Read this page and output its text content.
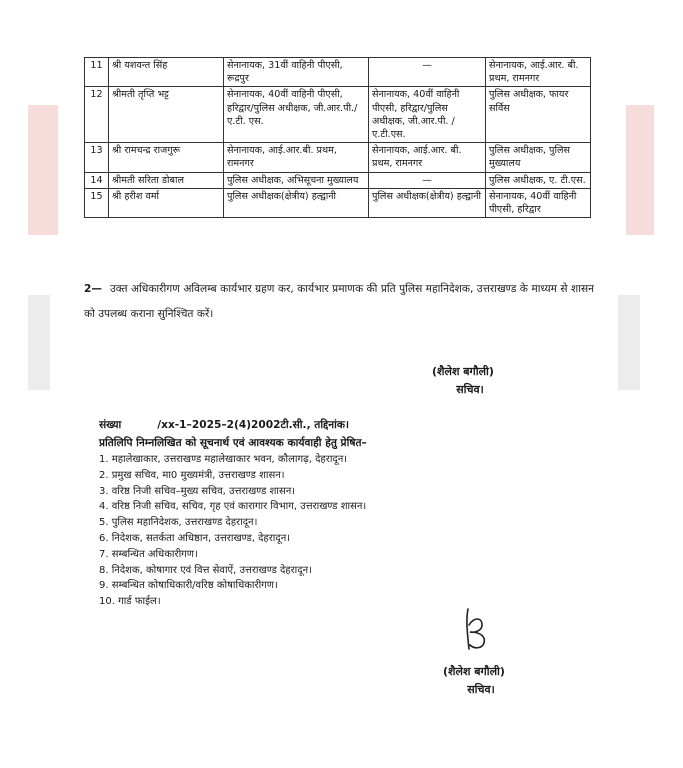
11	श्री यशवन्त सिंह	सेनानायक, 31वीं वाहिनी पीएसी, रूद्रपुर	—	सेनानायक, आई.आर. बी. प्रथम, रामनगर
12	श्रीमती तृप्ति भट्ट	सेनानायक, 40वीं वाहिनी पीएसी, हरिद्वार/पुलिस अधीक्षक, जी.आर.पी./ए.टी. एस.	सेनानायक, 40वीं वाहिनी पीएसी, हरिद्वार/पुलिस अधीक्षक, जी.आर.पी. /ए.टी.एस.	पुलिस अधीक्षक, फायर सर्विस
13	श्री रामचन्द्र राजगुरू	सेनानायक, आई.आर.बी. प्रथम, रामनगर	सेनानायक, आई.आर. बी. प्रथम, रामनगर	पुलिस अधीक्षक, पुलिस मुख्यालय
14	श्रीमती सरिता डोबाल	पुलिस अधीक्षक, अभिसूचना मुख्यालय	—	पुलिस अधीक्षक, ए. टी.एस.
15	श्री हरीश वर्मा	पुलिस अधीक्षक(क्षेत्रीय) हल्द्वानी	पुलिस अधीक्षक(क्षेत्रीय) हल्द्वानी	सेनानायक, 40वीं वाहिनी पीएसी, हरिद्वार
2— उक्त अधिकारीगण अविलम्ब कार्यभार ग्रहण कर, कार्यभार प्रमाणक की प्रति पुलिस महानिदेशक, उत्तराखण्ड के माध्यम से शासन को उपलब्ध कराना सुनिश्चित करें।
(शैलेश बगौली)
सचिव।
संख्या	/xx-1–2025–2(4)2002टी.सी., तद्दिनांक।
प्रतिलिपि निम्नलिखित को सूचनार्थ एवं आवश्यक कार्यवाही हेतु प्रेषित–
1. महालेखाकार, उत्तराखण्ड महालेखाकार भवन, कौलागढ़, देहरादून।
2. प्रमुख सचिव, मा0 मुख्यमंत्री, उत्तराखण्ड शासन।
3. वरिष्ठ निजी सचिव–मुख्य सचिव, उत्तराखण्ड शासन।
4. वरिष्ठ निजी सचिव, सचिव, गृह एवं कारागार विभाग, उत्तराखण्ड शासन।
5. पुलिस महानिदेशक, उत्तराखण्ड देहरादून।
6. निदेशक, सतर्कता अधिष्ठान, उत्तराखण्ड, देहरादून।
7. सम्बन्धित अधिकारीगण।
8. निदेशक, कोषागार एवं वित्त सेवाऐं, उत्तराखण्ड देहरादून।
9. सम्बन्धित कोषाधिकारी/वरिष्ठ कोषाधिकारीगण।
10. गार्ड फाईल।
(शैलेश बगौली)
सचिव।
